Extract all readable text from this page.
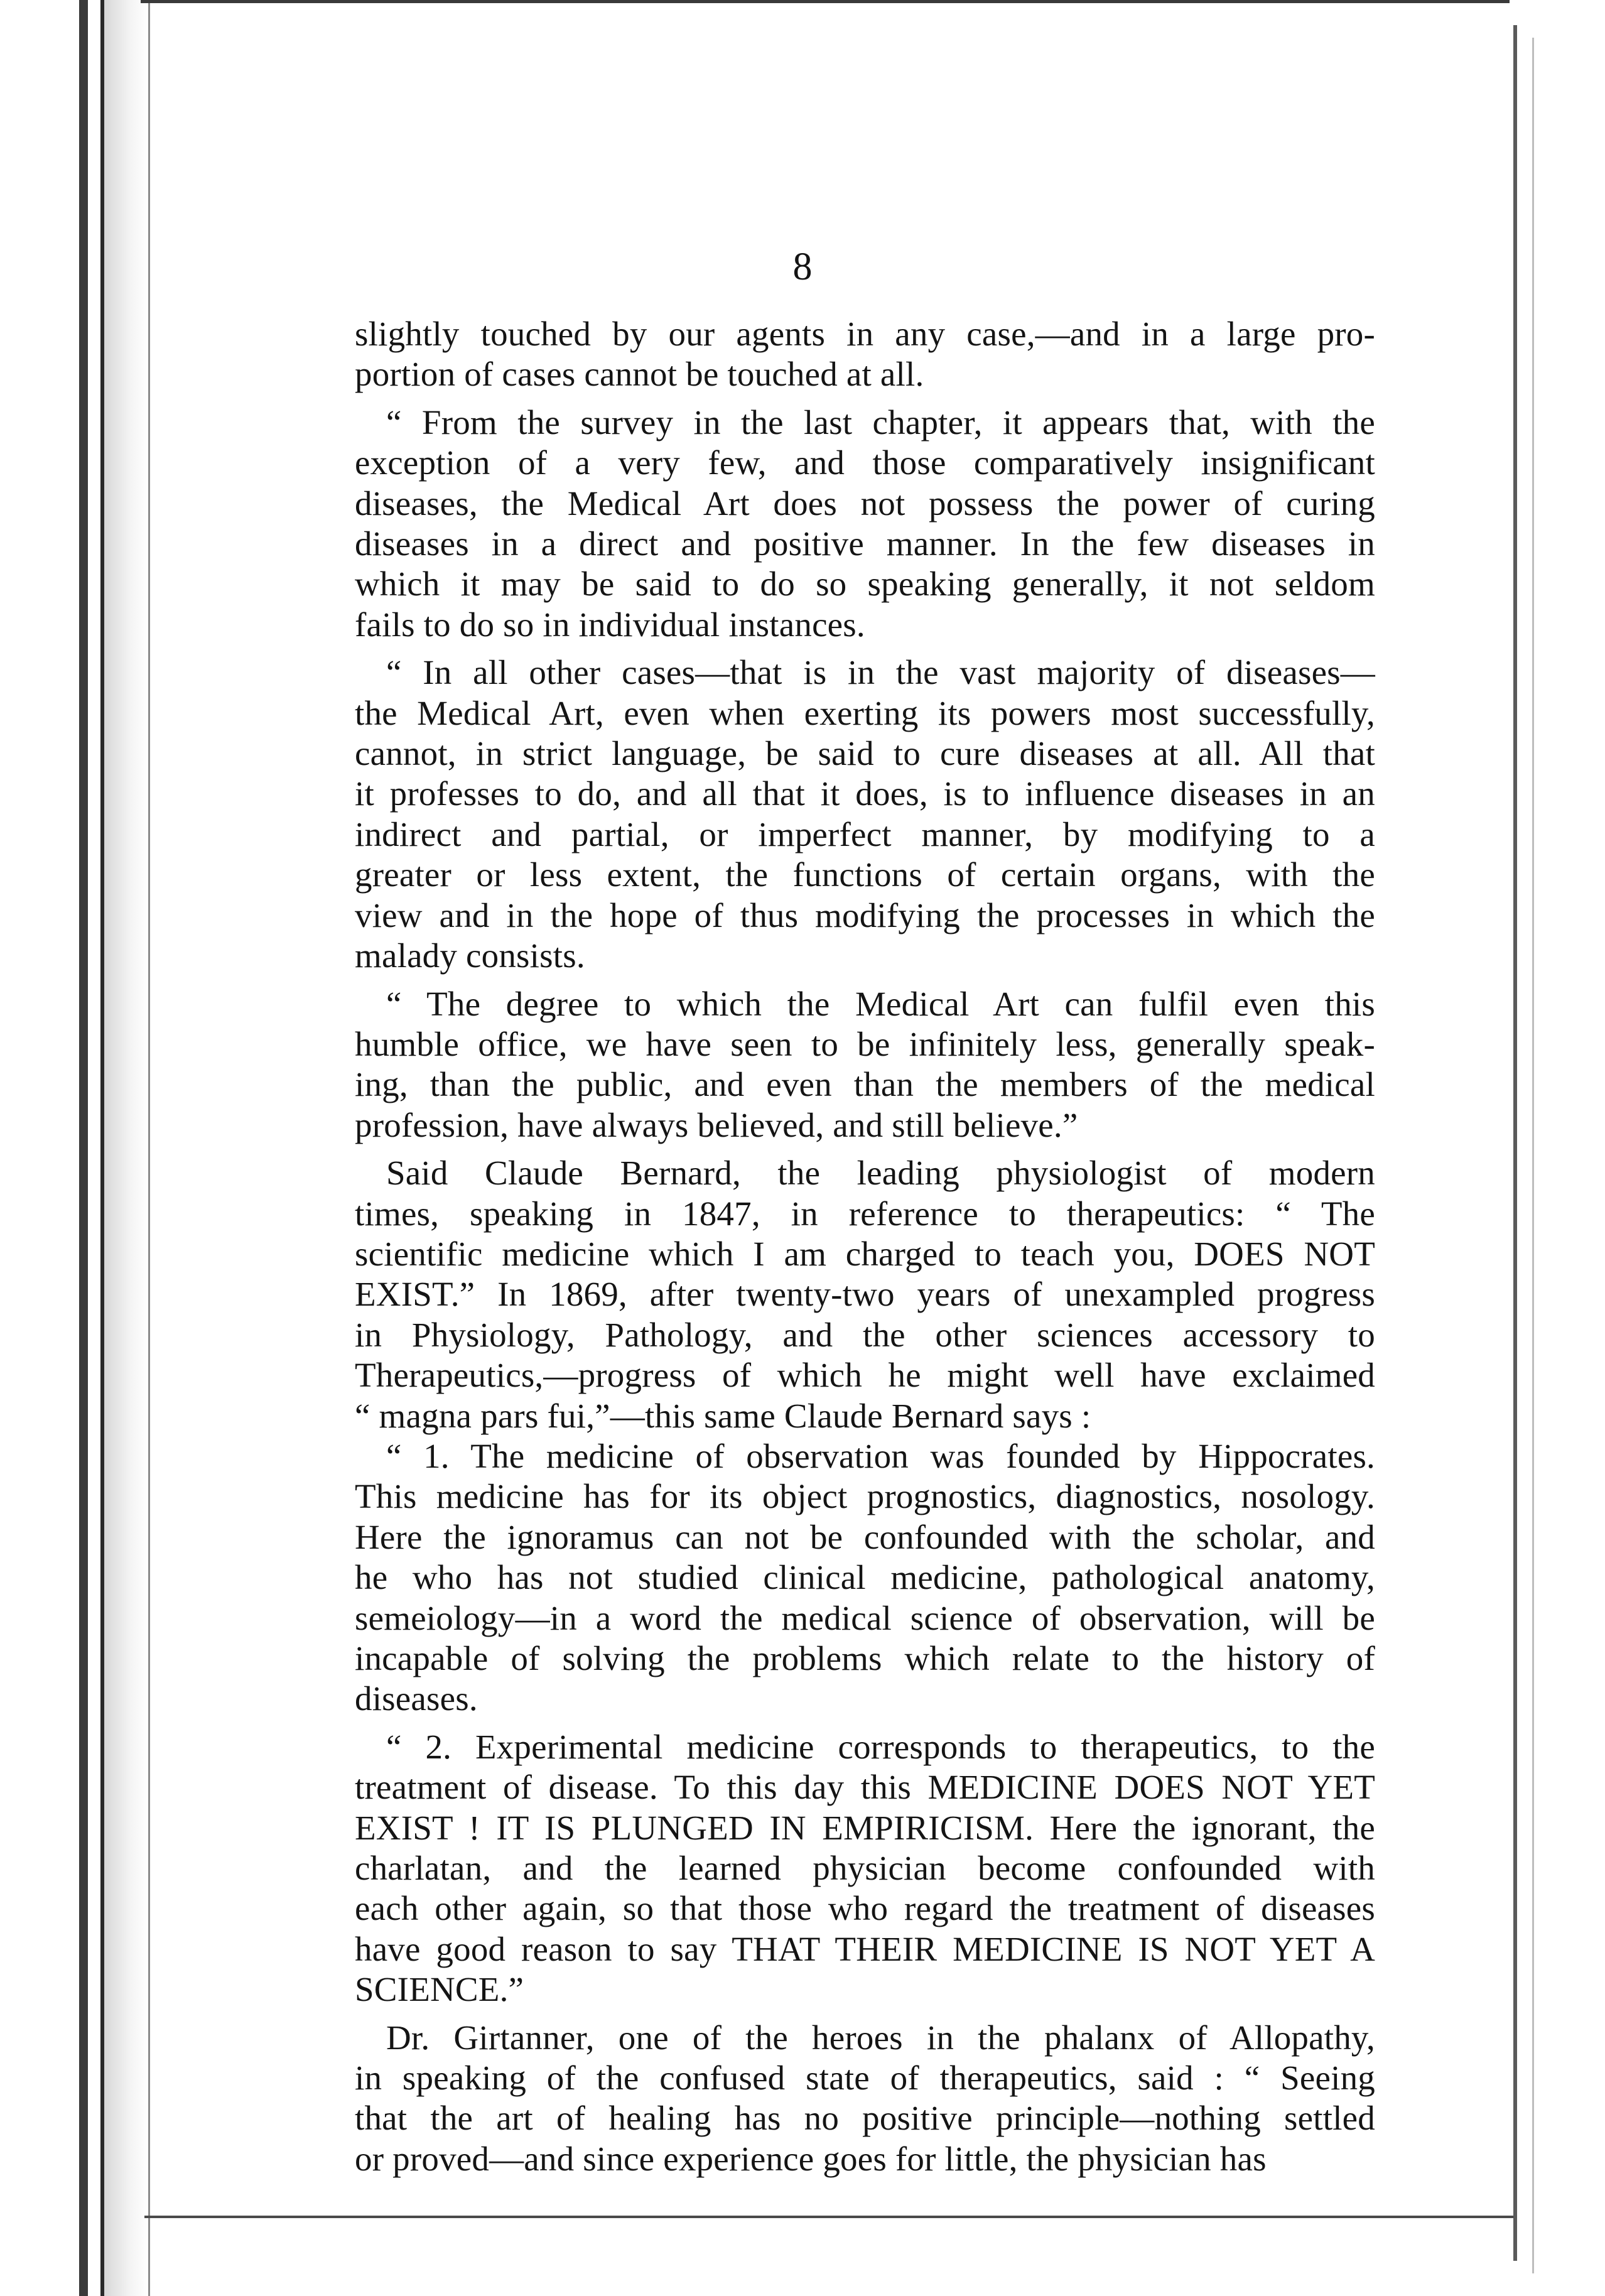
8
slightly touched by our agents in any case,—and in a large pro-
portion of cases cannot be touched at all.
“ From the survey in the last chapter, it appears that, with the
exception of a very few, and those comparatively insignificant
diseases, the Medical Art does not possess the power of curing
diseases in a direct and positive manner. In the few diseases in
which it may be said to do so speaking generally, it not seldom
fails to do so in individual instances.
“ In all other cases—that is in the vast majority of diseases—
the Medical Art, even when exerting its powers most successfully,
cannot, in strict language, be said to cure diseases at all. All that
it professes to do, and all that it does, is to influence diseases in an
indirect and partial, or imperfect manner, by modifying to a
greater or less extent, the functions of certain organs, with the
view and in the hope of thus modifying the processes in which the
malady consists.
“ The degree to which the Medical Art can fulfil even this
humble office, we have seen to be infinitely less, generally speak-
ing, than the public, and even than the members of the medical
profession, have always believed, and still believe.”
Said Claude Bernard, the leading physiologist of modern
times, speaking in 1847, in reference to therapeutics: “ The
scientific medicine which I am charged to teach you, DOES NOT
EXIST.” In 1869, after twenty-two years of unexampled progress
in Physiology, Pathology, and the other sciences accessory to
Therapeutics,—progress of which he might well have exclaimed
“ magna pars fui,”—this same Claude Bernard says :
“ 1. The medicine of observation was founded by Hippocrates.
This medicine has for its object prognostics, diagnostics, nosology.
Here the ignoramus can not be confounded with the scholar, and
he who has not studied clinical medicine, pathological anatomy,
semeiology—in a word the medical science of observation, will be
incapable of solving the problems which relate to the history of
diseases.
“ 2. Experimental medicine corresponds to therapeutics, to the
treatment of disease. To this day this MEDICINE DOES NOT YET
EXIST ! IT IS PLUNGED IN EMPIRICISM. Here the ignorant, the
charlatan, and the learned physician become confounded with
each other again, so that those who regard the treatment of diseases
have good reason to say THAT THEIR MEDICINE IS NOT YET A
SCIENCE.”
Dr. Girtanner, one of the heroes in the phalanx of Allopathy,
in speaking of the confused state of therapeutics, said : “ Seeing
that the art of healing has no positive principle—nothing settled
or proved—and since experience goes for little, the physician has
